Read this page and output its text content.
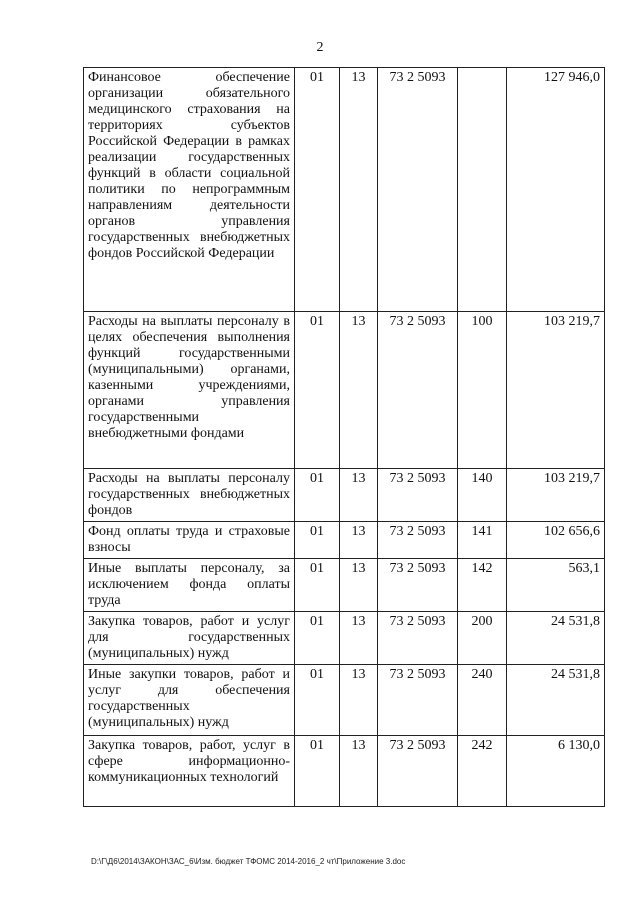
2
Финансовое обеспечение организации обязательного медицинского страхования на территориях субъектов Российской Федерации в рамках реализации государственных функций в области социальной политики по непрограммным направлениям деятельности органов управления государственных внебюджетных фондов Российской Федерации	01	13	73 2 5093		127 946,0
Расходы на выплаты персоналу в целях обеспечения выполнения функций государственными (муниципальными) органами, казенными учреждениями, органами управления государственными внебюджетными фондами	01	13	73 2 5093	100	103 219,7
Расходы на выплаты персоналу государственных внебюджетных фондов	01	13	73 2 5093	140	103 219,7
Фонд оплаты труда и страховые взносы	01	13	73 2 5093	141	102 656,6
Иные выплаты персоналу, за исключением фонда оплаты труда	01	13	73 2 5093	142	563,1
Закупка товаров, работ и услуг для государственных (муниципальных) нужд	01	13	73 2 5093	200	24 531,8
Иные закупки товаров, работ и услуг для обеспечения государственных (муниципальных) нужд	01	13	73 2 5093	240	24 531,8
Закупка товаров, работ, услуг в сфере информационно-коммуникационных технологий	01	13	73 2 5093	242	6 130,0
D:\Г\Д6\2014\ЗАКОН\ЗАС_6\Изм. бюджет ТФОМС 2014-2016_2 чт\Приложение 3.doc
